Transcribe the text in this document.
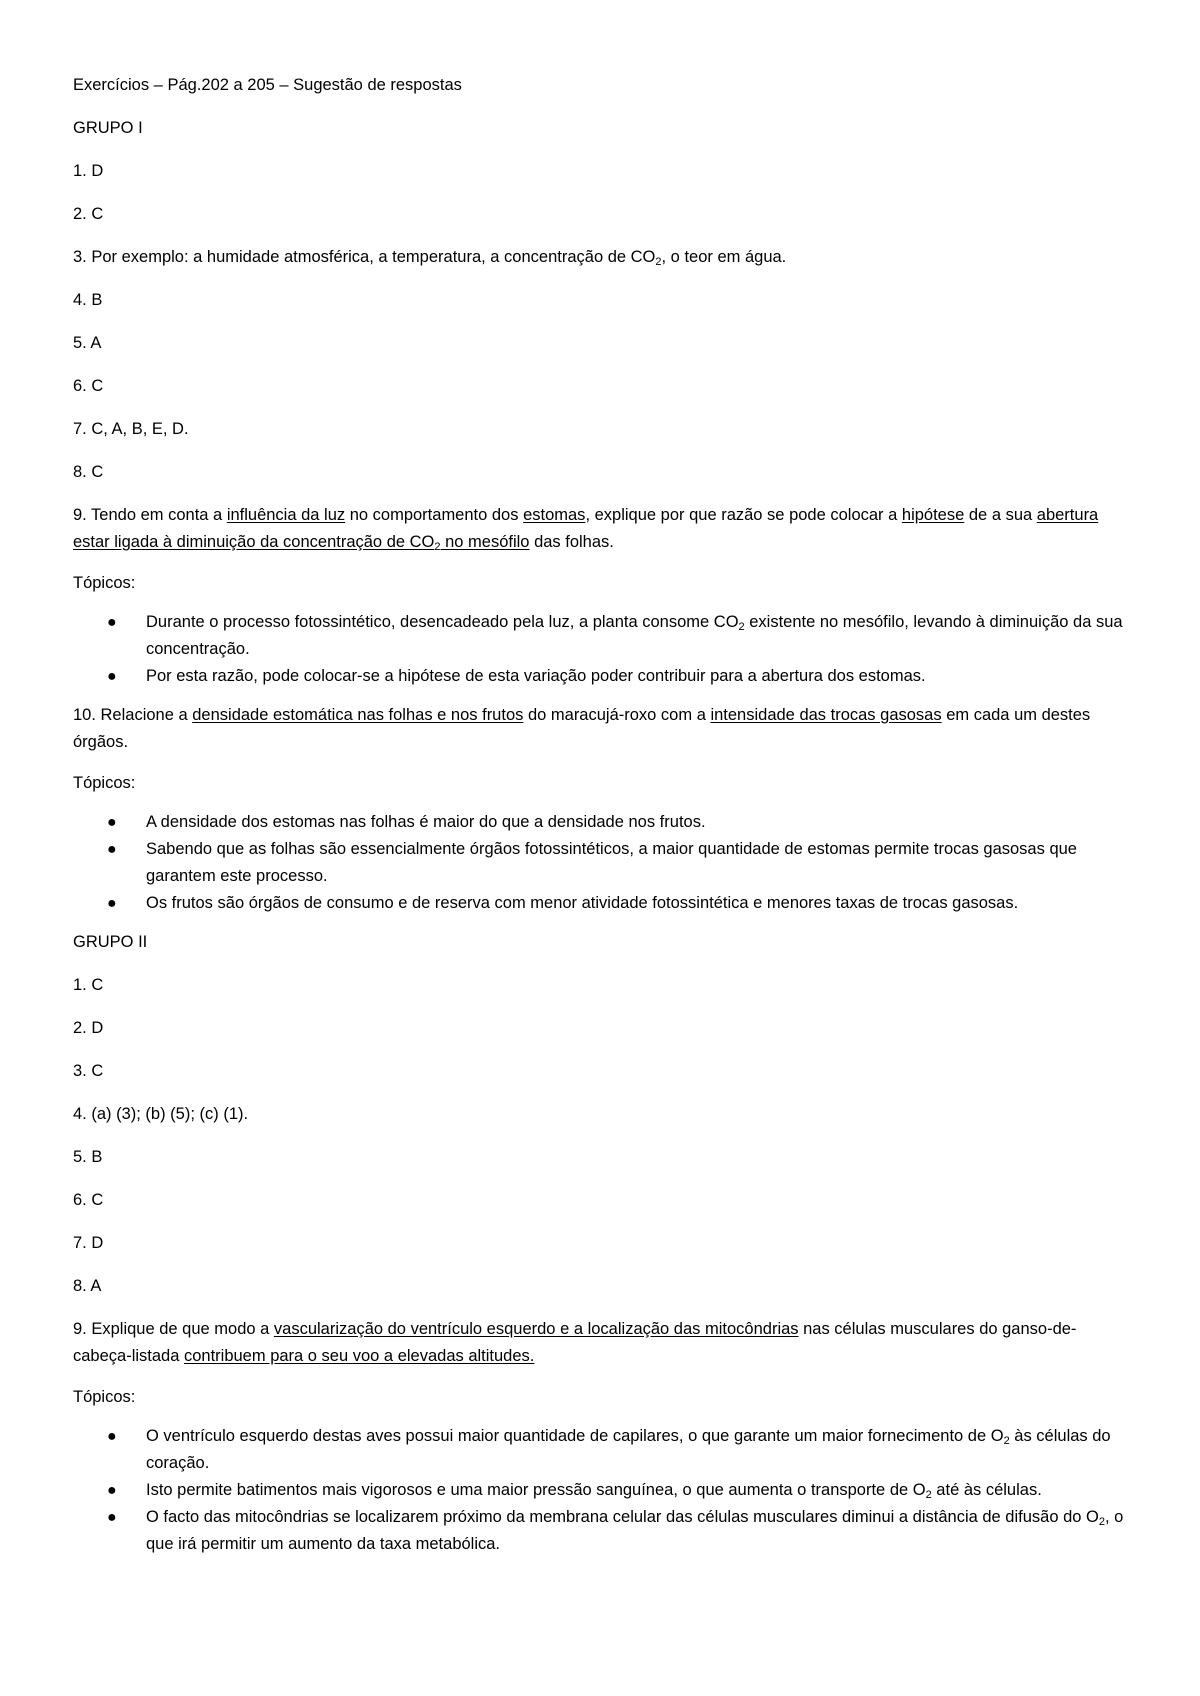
Exercícios – Pág.202 a 205 – Sugestão de respostas
GRUPO I
1. D
2. C
3. Por exemplo: a humidade atmosférica, a temperatura, a concentração de $CO_2$, o teor em água.
4. B
5. A
6. C
7. C, A, B, E, D.
8. C
9. Tendo em conta a influência da luz no comportamento dos estomas, explique por que razão se pode colocar a hipótese de a sua abertura estar ligada à diminuição da concentração de $CO_2$ no mesófilo das folhas.
Tópicos:
● Durante o processo fotossintético, desencadeado pela luz, a planta consome $CO_2$ existente no mesófilo, levando à diminuição da sua concentração.
● Por esta razão, pode colocar-se a hipótese de esta variação poder contribuir para a abertura dos estomas.
10. Relacione a densidade estomática nas folhas e nos frutos do maracujá-roxo com a intensidade das trocas gasosas em cada um destes órgãos.
Tópicos:
● A densidade dos estomas nas folhas é maior do que a densidade nos frutos.
● Sabendo que as folhas são essencialmente órgãos fotossintéticos, a maior quantidade de estomas permite trocas gasosas que garantem este processo.
● Os frutos são órgãos de consumo e de reserva com menor atividade fotossintética e menores taxas de trocas gasosas.
GRUPO II
1. C
2. D
3. C
4. (a) (3); (b) (5); (c) (1).
5. B
6. C
7. D
8. A
9. Explique de que modo a vascularização do ventrículo esquerdo e a localização das mitocôndrias nas células musculares do ganso-de-cabeça-listada contribuem para o seu voo a elevadas altitudes.
Tópicos:
● O ventrículo esquerdo destas aves possui maior quantidade de capilares, o que garante um maior fornecimento de $O_2$ às células do coração.
● Isto permite batimentos mais vigorosos e uma maior pressão sanguínea, o que aumenta o transporte de $O_2$ até às células.
● O facto das mitocôndrias se localizarem próximo da membrana celular das células musculares diminui a distância de difusão do $O_2$, o que irá permitir um aumento da taxa metabólica.
